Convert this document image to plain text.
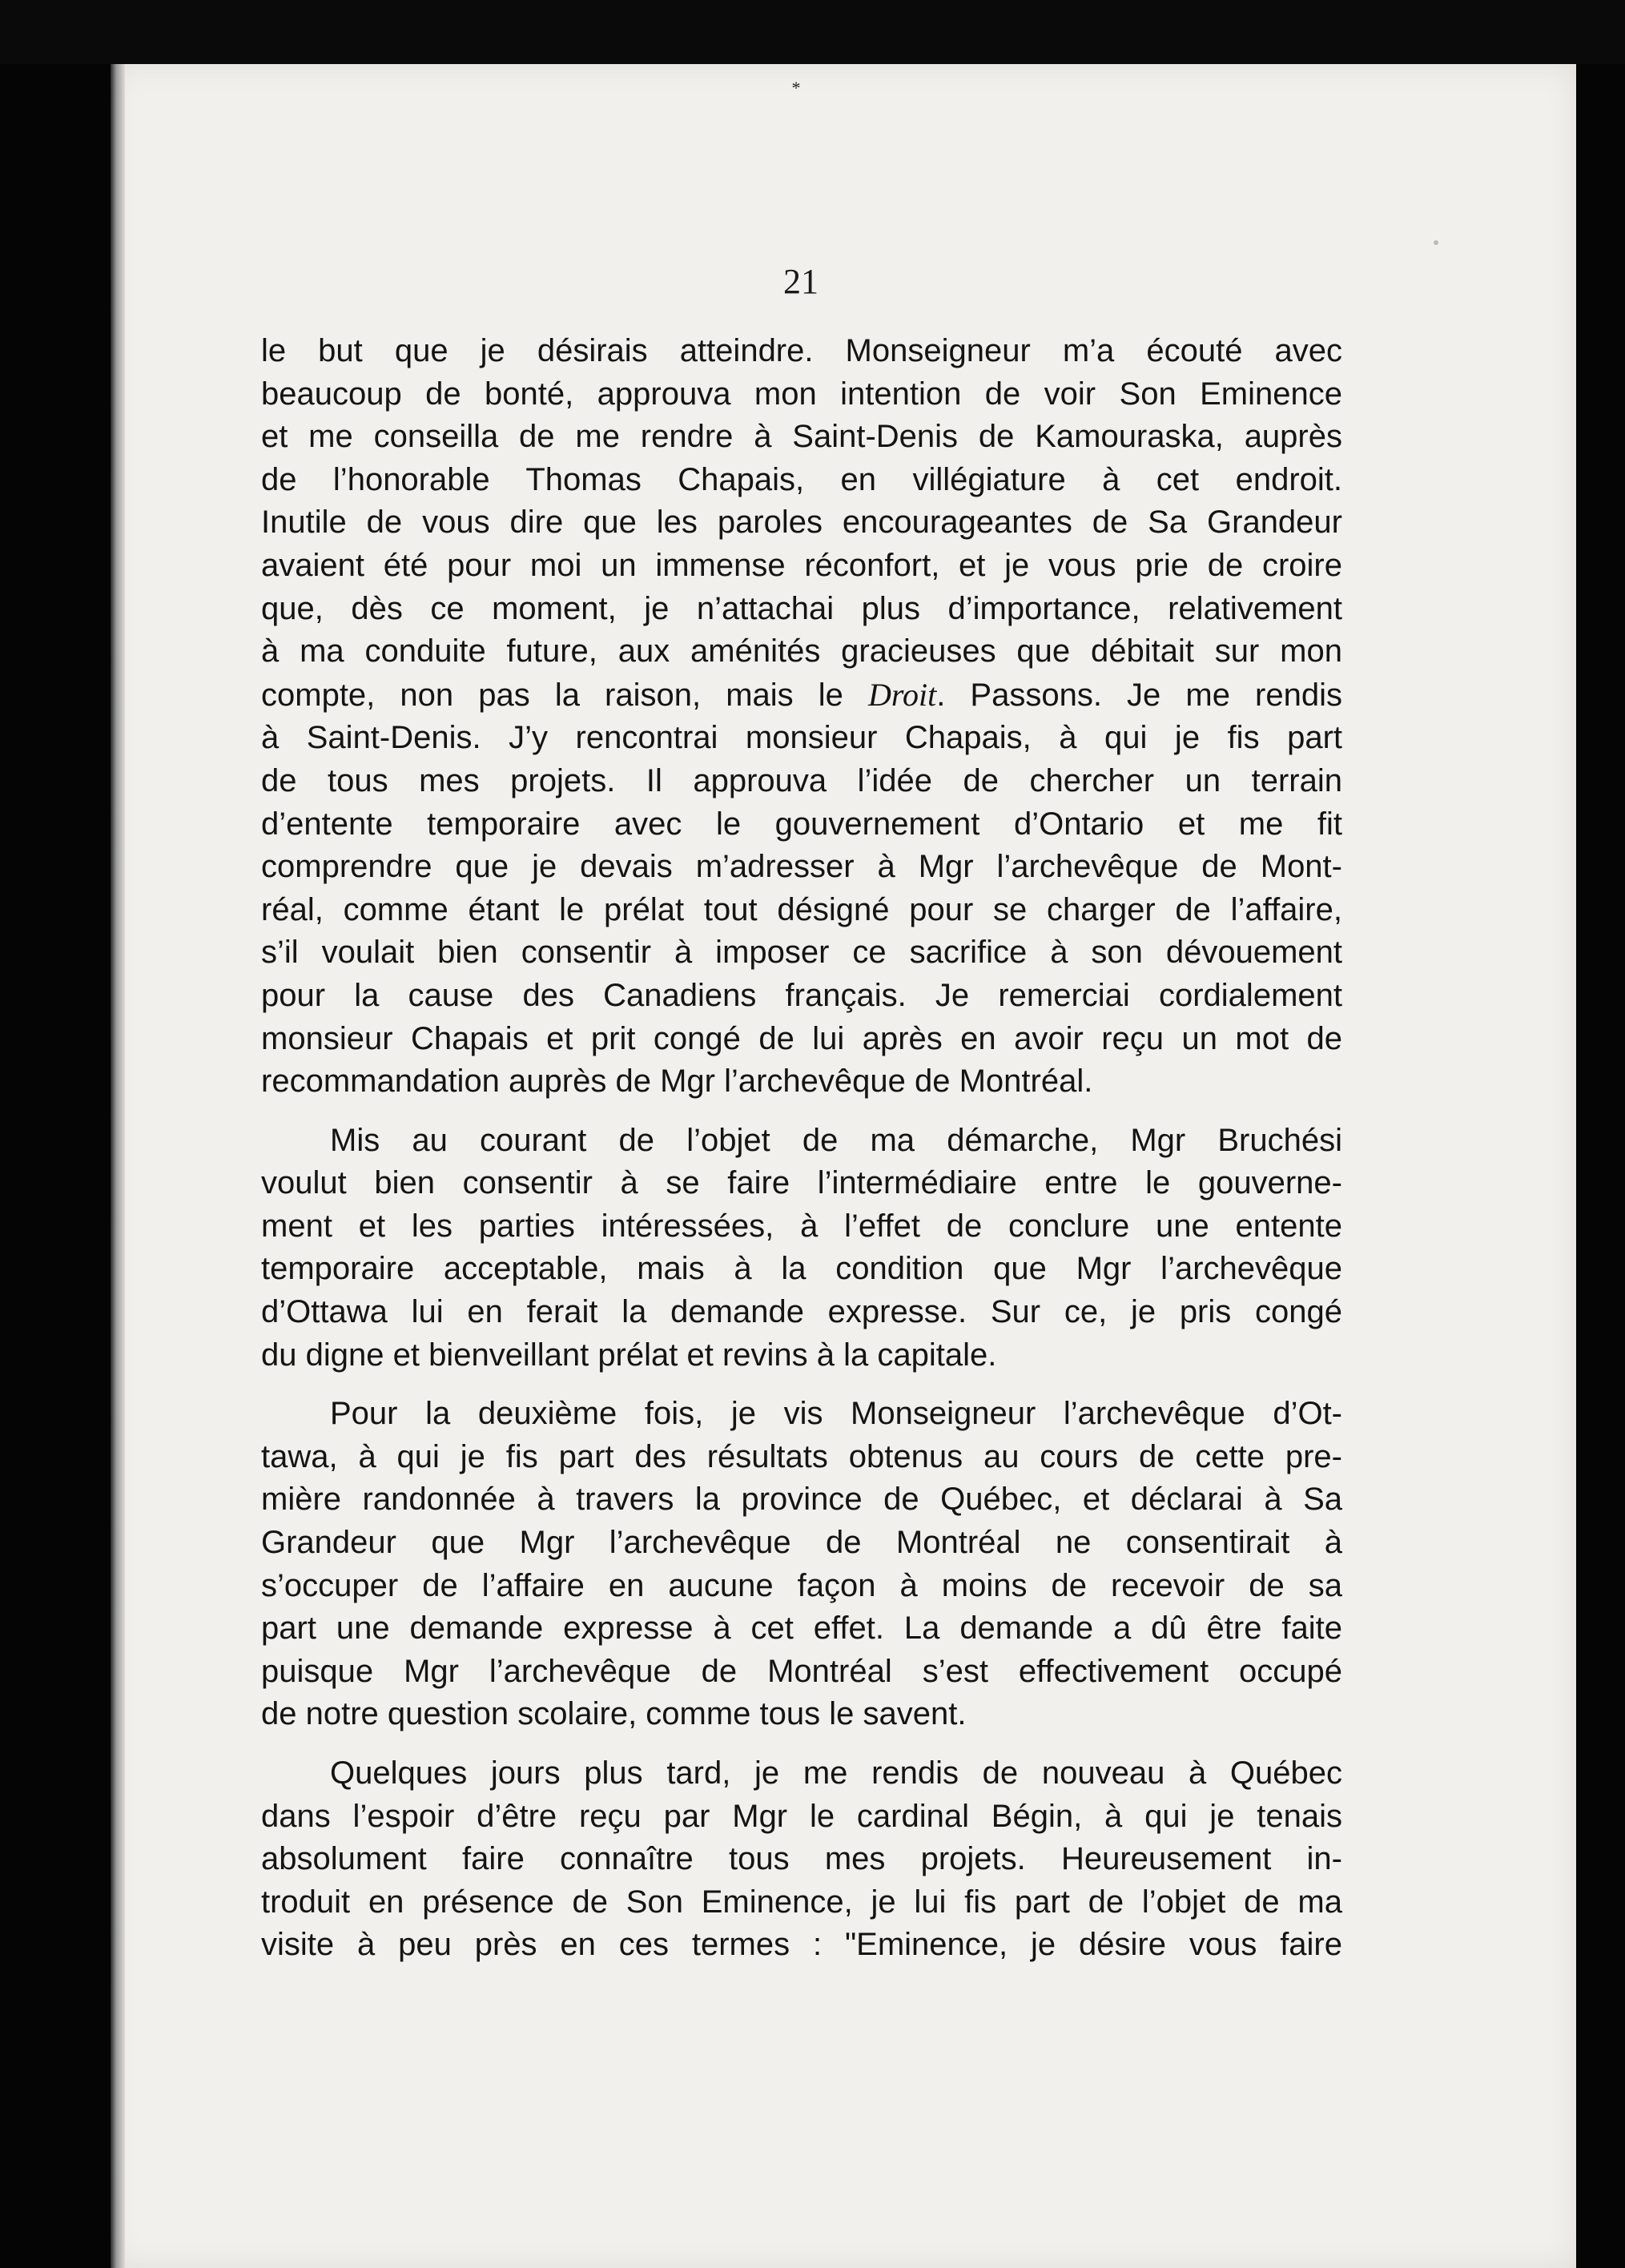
*
21
le but que je désirais atteindre. Monseigneur m’a écouté avec
beaucoup de bonté, approuva mon intention de voir Son Eminence
et me conseilla de me rendre à Saint-Denis de Kamouraska, auprès
de l’honorable Thomas Chapais, en villégiature à cet endroit.
Inutile de vous dire que les paroles encourageantes de Sa Grandeur
avaient été pour moi un immense réconfort, et je vous prie de croire
que, dès ce moment, je n’attachai plus d’importance, relativement
à ma conduite future, aux aménités gracieuses que débitait sur mon
compte, non pas la raison, mais le Droit. Passons. Je me rendis
à Saint-Denis. J’y rencontrai monsieur Chapais, à qui je fis part
de tous mes projets. Il approuva l’idée de chercher un terrain
d’entente temporaire avec le gouvernement d’Ontario et me fit
comprendre que je devais m’adresser à Mgr l’archevêque de Mont-
réal, comme étant le prélat tout désigné pour se charger de l’affaire,
s’il voulait bien consentir à imposer ce sacrifice à son dévouement
pour la cause des Canadiens français. Je remerciai cordialement
monsieur Chapais et prit congé de lui après en avoir reçu un mot de
recommandation auprès de Mgr l’archevêque de Montréal.
Mis au courant de l’objet de ma démarche, Mgr Bruchési
voulut bien consentir à se faire l’intermédiaire entre le gouverne-
ment et les parties intéressées, à l’effet de conclure une entente
temporaire acceptable, mais à la condition que Mgr l’archevêque
d’Ottawa lui en ferait la demande expresse. Sur ce, je pris congé
du digne et bienveillant prélat et revins à la capitale.
Pour la deuxième fois, je vis Monseigneur l’archevêque d’Ot-
tawa, à qui je fis part des résultats obtenus au cours de cette pre-
mière randonnée à travers la province de Québec, et déclarai à Sa
Grandeur que Mgr l’archevêque de Montréal ne consentirait à
s’occuper de l’affaire en aucune façon à moins de recevoir de sa
part une demande expresse à cet effet. La demande a dû être faite
puisque Mgr l’archevêque de Montréal s’est effectivement occupé
de notre question scolaire, comme tous le savent.
Quelques jours plus tard, je me rendis de nouveau à Québec
dans l’espoir d’être reçu par Mgr le cardinal Bégin, à qui je tenais
absolument faire connaître tous mes projets. Heureusement in-
troduit en présence de Son Eminence, je lui fis part de l’objet de ma
visite à peu près en ces termes : "Eminence, je désire vous faire
